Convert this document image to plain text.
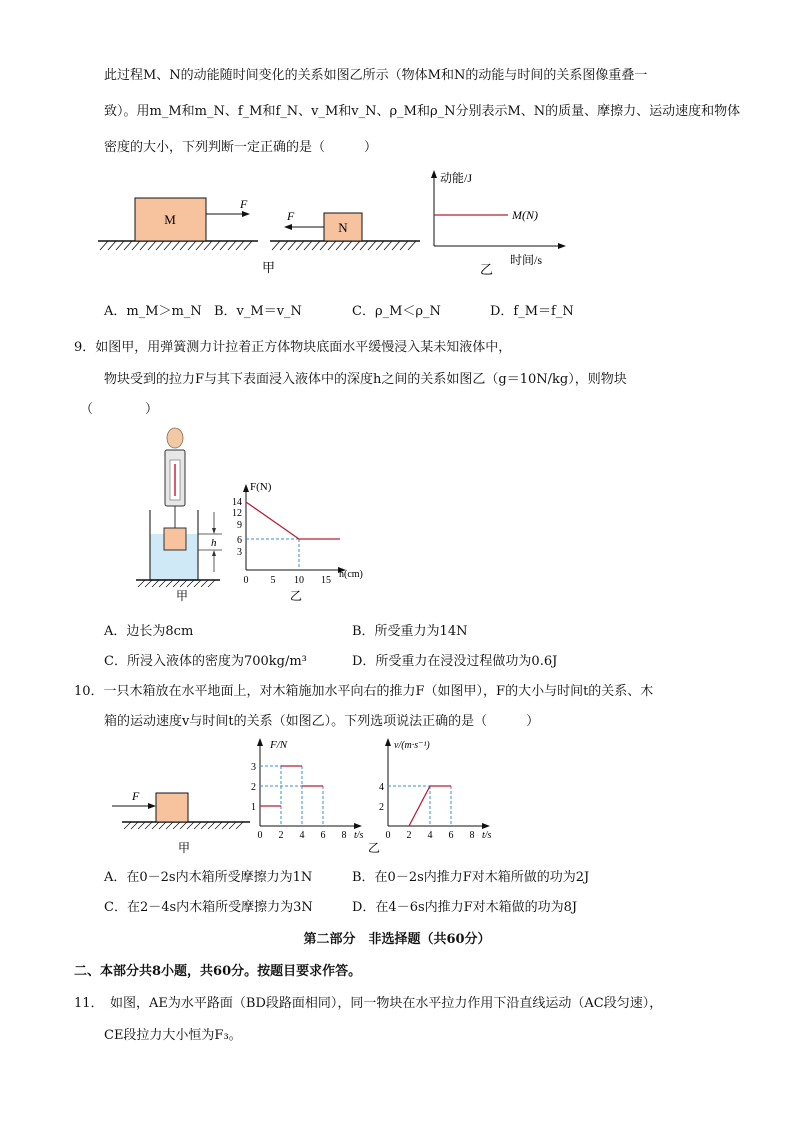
此过程M、N的动能随时间变化的关系如图乙所示（物体M和N的动能与时间的关系图像重叠一
致）。用m_M和m_N、f_M和f_N、v_M和v_N、ρ_M和ρ_N分别表示M、N的质量、摩擦力、运动速度和物体
密度的大小，下列判断一定正确的是（　　　）
M
F
N
F
甲
动能/J
时间/s
M(N)
乙
A．m_M＞m_N B．v_M＝v_N	C．ρ_M＜ρ_N	D．f_M＝f_N
9．如图甲，用弹簧测力计拉着正方体物块底面水平缓慢浸入某未知液体中，
物块受到的拉力F与其下表面浸入液体中的深度h之间的关系如图乙（g＝10N/kg），则物块
（　　　　）
h
甲
F(N)
h(cm)
14
12
9
6
3
0 5 10 15
乙
A．边长为8cm	B．所受重力为14N
C．所浸入液体的密度为700kg/m³	D．所受重力在浸没过程做功为0.6J
10．一只木箱放在水平地面上，对木箱施加水平向右的推力F（如图甲），F的大小与时间t的关系、木
箱的运动速度v与时间t的关系（如图乙）。下列选项说法正确的是（　　　）
F
F/N
3
2
1
0 2 4 6 8 t/s
v/(m·s⁻¹)
4
2
0 2 4 6 8 t/s
甲	乙
A．在0－2s内木箱所受摩擦力为1N	B．在0－2s内推力F对木箱所做的功为2J
C．在2－4s内木箱所受摩擦力为3N	D．在4－6s内推力F对木箱做的功为8J
第二部分　非选择题（共60分）
二、本部分共8小题，共60分。按题目要求作答。
11．　如图，AE为水平路面（BD段路面相同），同一物块在水平拉力作用下沿直线运动（AC段匀速），
CE段拉力大小恒为F₃。
